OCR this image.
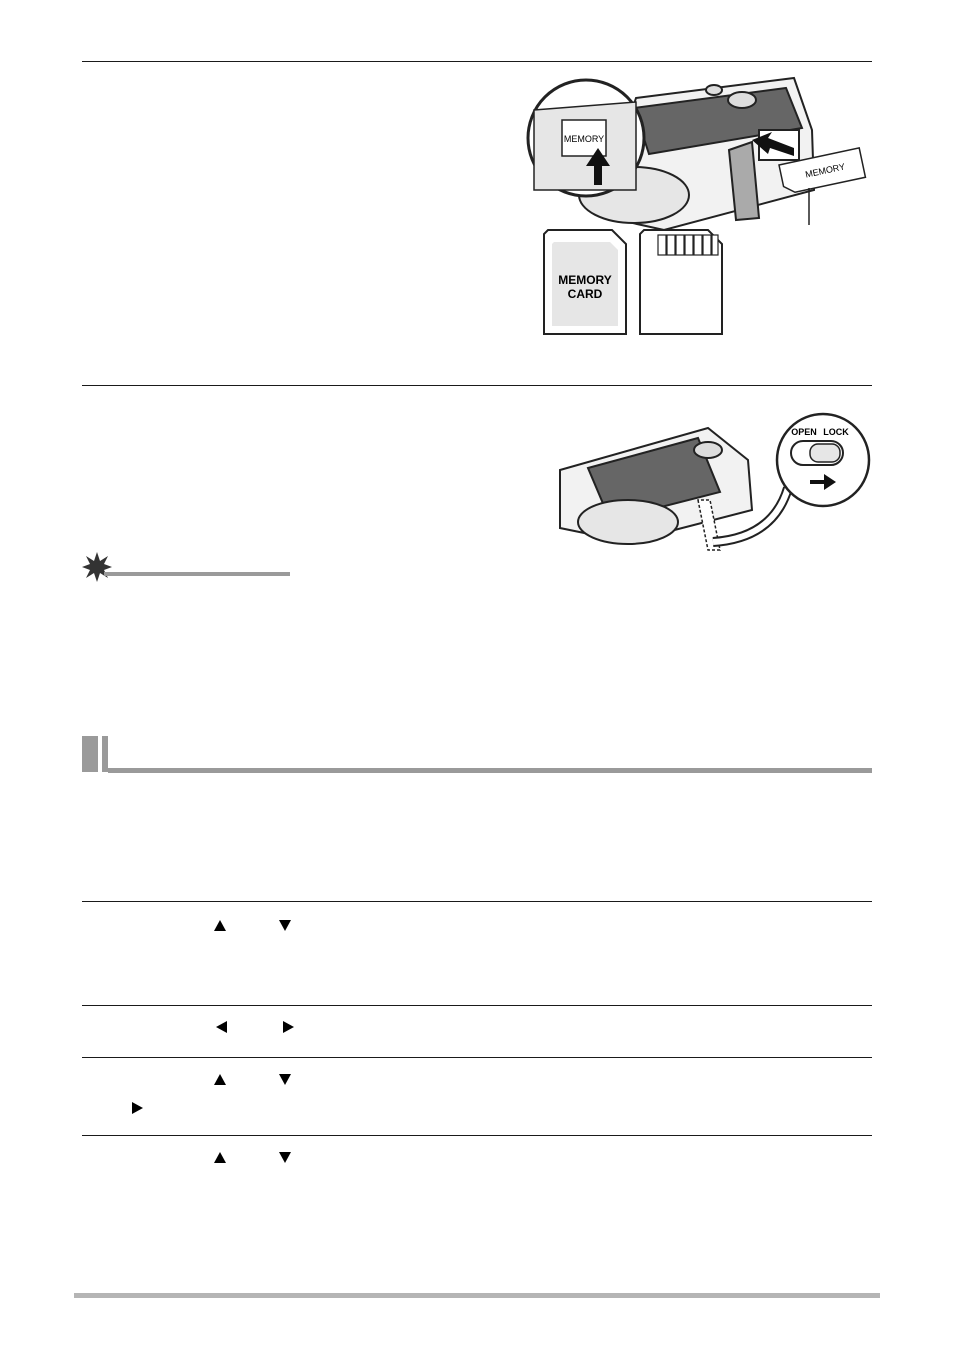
MEMORY
MEMORY
MEMORY
CARD
OPEN LOCK
